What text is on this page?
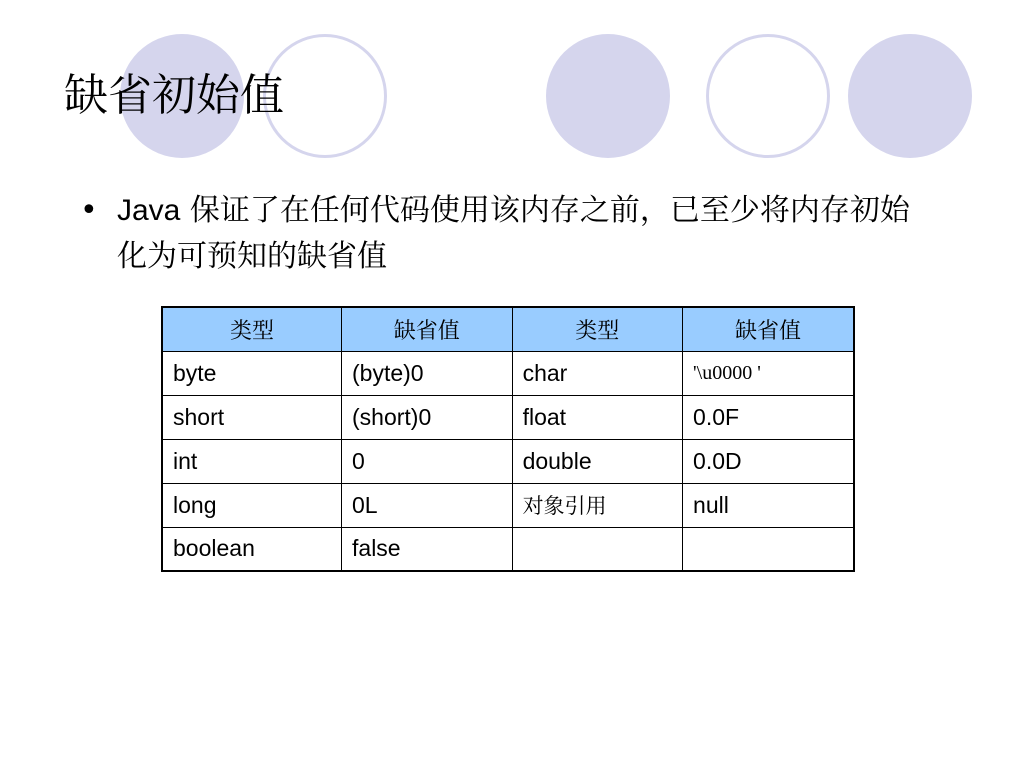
缺省初始值
• Java 保证了在任何代码使用该内存之前，已至少将内存初始化为可预知的缺省值
类型	缺省值	类型	缺省值
byte	(byte)0	char	'\u0000 '
short	(short)0	float	0.0F
int	0	double	0.0D
long	0L	对象引用	null
boolean	false		
